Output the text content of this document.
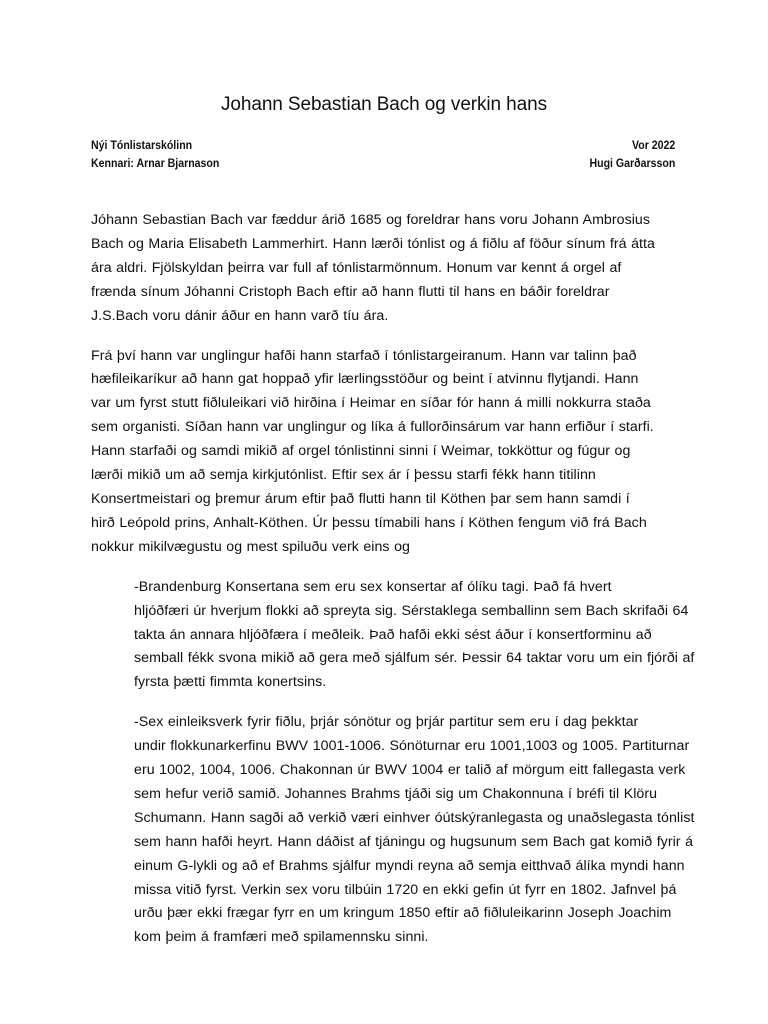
Johann Sebastian Bach og verkin hans
Nýi Tónlistarskólinn
Kennari: Arnar Bjarnason
Vor 2022
Hugi Garðarsson
Jóhann Sebastian Bach var fæddur árið 1685 og foreldrar hans voru Johann Ambrosius
Bach og Maria Elisabeth Lammerhirt. Hann lærði tónlist og á fiðlu af föður sínum frá átta
ára aldri. Fjölskyldan þeirra var full af tónlistarmönnum. Honum var kennt á orgel af
frænda sínum Jóhanni Cristoph Bach eftir að hann flutti til hans en báðir foreldrar
J.S.Bach voru dánir áður en hann varð tíu ára.
Frá því hann var unglingur hafði hann starfað í tónlistargeiranum. Hann var talinn það
hæfileikaríkur að hann gat hoppað yfir lærlingsstöður og beint í atvinnu flytjandi. Hann
var um fyrst stutt fiðluleikari við hirðina í Heimar en síðar fór hann á milli nokkurra staða
sem organisti. Síðan hann var unglingur og líka á fullorðinsárum var hann erfiður í starfi.
Hann starfaði og samdi mikið af orgel tónlistinni sinni í Weimar, tokköttur og fúgur og
lærði mikið um að semja kirkjutónlist. Eftir sex ár í þessu starfi fékk hann titilinn
Konsertmeistari og þremur árum eftir það flutti hann til Köthen þar sem hann samdi í
hirð Leópold prins, Anhalt-Köthen. Úr þessu tímabili hans í Köthen fengum við frá Bach
nokkur mikilvægustu og mest spiluðu verk eins og
-Brandenburg Konsertana sem eru sex konsertar af ólíku tagi. Það fá hvert
hljóðfæri úr hverjum flokki að spreyta sig. Sérstaklega semballinn sem Bach skrifaði 64
takta án annara hljóðfæra í meðleik. Það hafði ekki sést áður í konsertforminu að
semball fékk svona mikið að gera með sjálfum sér. Þessir 64 taktar voru um ein fjórði af
fyrsta þætti fimmta konertsins.
-Sex einleiksverk fyrir fiðlu, þrjár sónötur og þrjár partitur sem eru í dag þekktar
undir flokkunarkerfinu BWV 1001-1006. Sónöturnar eru 1001,1003 og 1005. Partiturnar
eru 1002, 1004, 1006. Chakonnan úr BWV 1004 er talið af mörgum eitt fallegasta verk
sem hefur verið samið. Johannes Brahms tjáði sig um Chakonnuna í bréfi til Klöru
Schumann. Hann sagði að verkið væri einhver óútskýranlegasta og unaðslegasta tónlist
sem hann hafði heyrt. Hann dáðist af tjáningu og hugsunum sem Bach gat komið fyrir á
einum G-lykli og að ef Brahms sjálfur myndi reyna að semja eitthvað álíka myndi hann
missa vitið fyrst. Verkin sex voru tilbúin 1720 en ekki gefin út fyrr en 1802. Jafnvel þá
urðu þær ekki frægar fyrr en um kringum 1850 eftir að fiðluleikarinn Joseph Joachim
kom þeim á framfæri með spilamennsku sinni.
